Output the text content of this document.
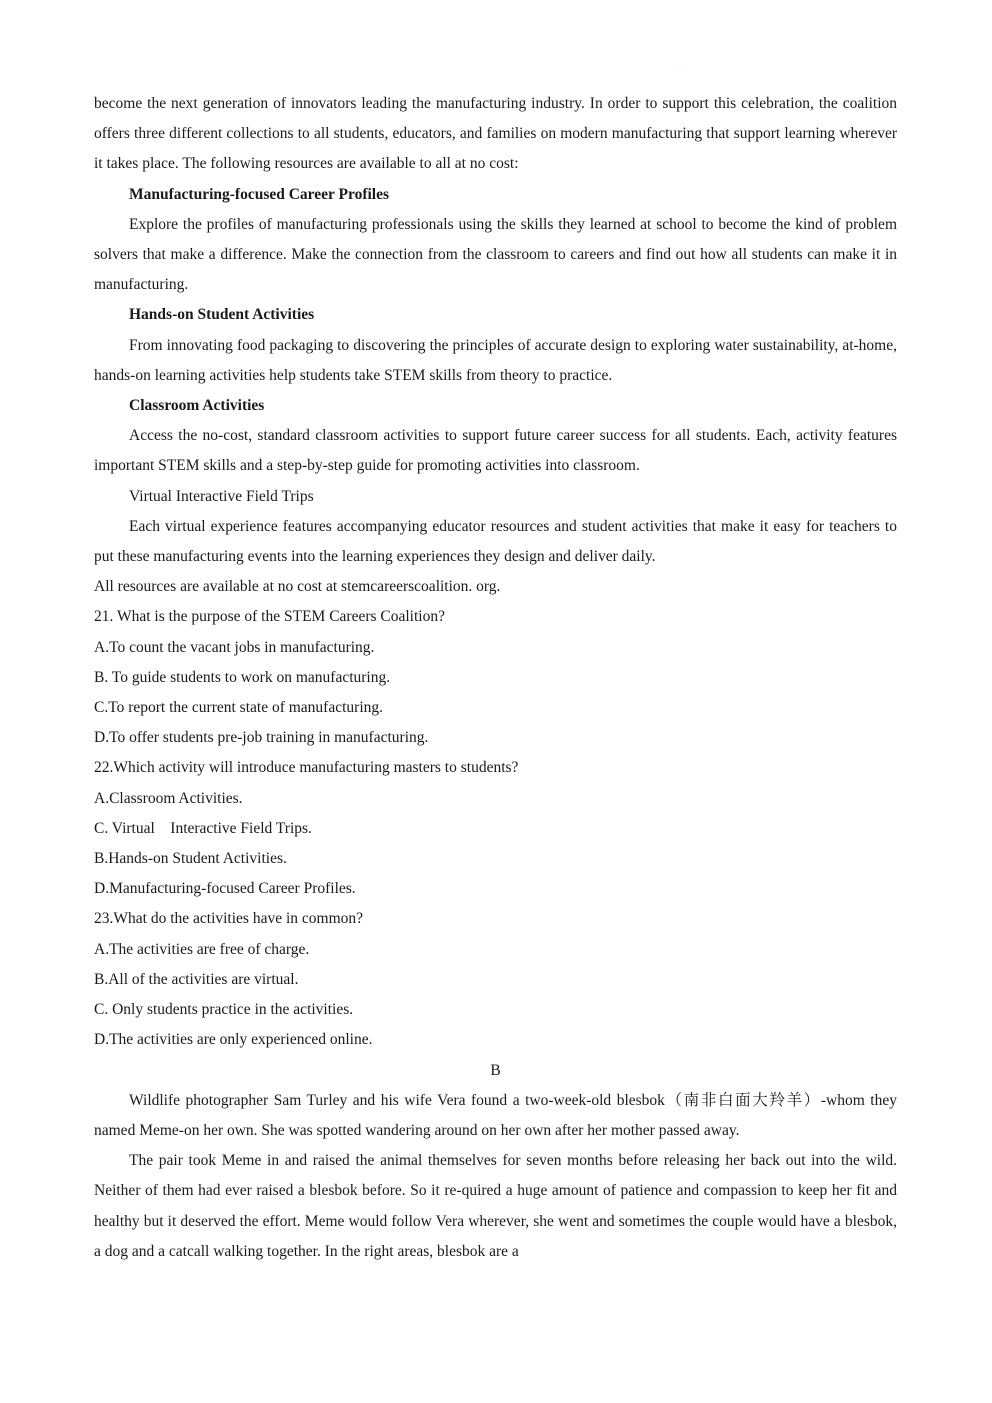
·

become the next generation of innovators leading the manufacturing industry. In order to support this celebration, the coalition offers three different collections to all students, educators, and families on modern manufacturing that support learning wherever it takes place. The following resources are available to all at no cost:

Manufacturing-focused Career Profiles

Explore the profiles of manufacturing professionals using the skills they learned at school to become the kind of problem solvers that make a difference. Make the connection from the classroom to careers and find out how all students can make it in manufacturing.

Hands-on Student Activities

From innovating food packaging to discovering the principles of accurate design to exploring water sustainability, at-home, hands-on learning activities help students take STEM skills from theory to practice.

Classroom Activities

Access the no-cost, standard classroom activities to support future career success for all students. Each, activity features important STEM skills and a step-by-step guide for promoting activities into classroom.

Virtual Interactive Field Trips

Each virtual experience features accompanying educator resources and student activities that make it easy for teachers to put these manufacturing events into the learning experiences they design and deliver daily.

All resources are available at no cost at stemcareerscoalition. org.

21. What is the purpose of the STEM Careers Coalition?

A.To count the vacant jobs in manufacturing.

B. To guide students to work on manufacturing.

C.To report the current state of manufacturing.

D.To offer students pre-job training in manufacturing.

22.Which activity will introduce manufacturing masters to students?

A.Classroom Activities.

C. Virtual    Interactive Field Trips.

B.Hands-on Student Activities.

D.Manufacturing-focused Career Profiles.

23.What do the activities have in common?

A.The activities are free of charge.

B.All of the activities are virtual.

C. Only students practice in the activities.

D.The activities are only experienced online.

B

Wildlife photographer Sam Turley and his wife Vera found a two-week-old blesbok（南非白面大羚羊）-whom they named Meme-on her own. She was spotted wandering around on her own after her mother passed away.

The pair took Meme in and raised the animal themselves for seven months before releasing her back out into the wild. Neither of them had ever raised a blesbok before. So it re-quired a huge amount of patience and compassion to keep her fit and healthy but it deserved the effort. Meme would follow Vera wherever, she went and sometimes the couple would have a blesbok, a dog and a catcall walking together. In the right areas, blesbok are a
